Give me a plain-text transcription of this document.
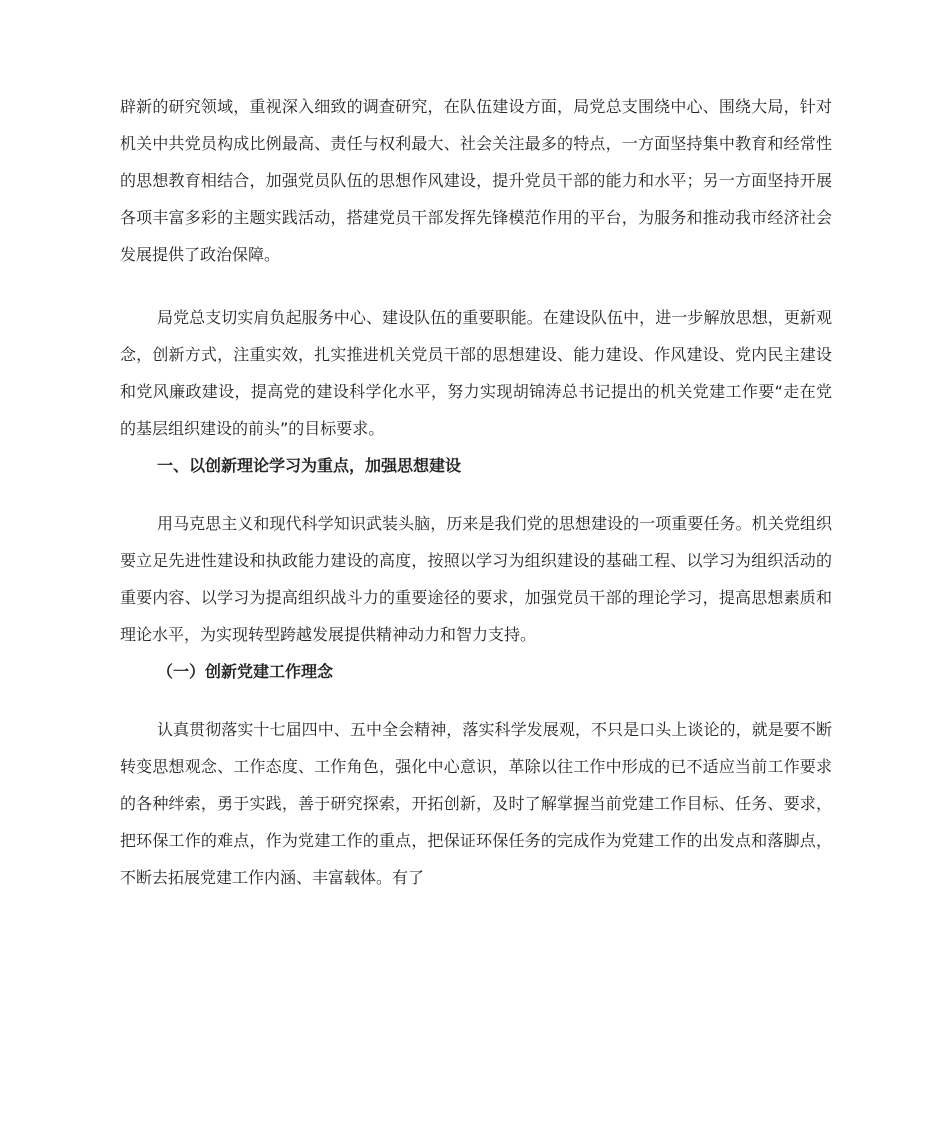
辟新的研究领域，重视深入细致的调查研究，在队伍建设方面，局党总支围绕中心、围绕大局，针对机关中共党员构成比例最高、责任与权利最大、社会关注最多的特点，一方面坚持集中教育和经常性的思想教育相结合，加强党员队伍的思想作风建设，提升党员干部的能力和水平；另一方面坚持开展各项丰富多彩的主题实践活动，搭建党员干部发挥先锋模范作用的平台，为服务和推动我市经济社会发展提供了政治保障。

局党总支切实肩负起服务中心、建设队伍的重要职能。在建设队伍中，进一步解放思想，更新观念，创新方式，注重实效，扎实推进机关党员干部的思想建设、能力建设、作风建设、党内民主建设和党风廉政建设，提高党的建设科学化水平，努力实现胡锦涛总书记提出的机关党建工作要“走在党的基层组织建设的前头”的目标要求。

一、以创新理论学习为重点，加强思想建设

用马克思主义和现代科学知识武装头脑，历来是我们党的思想建设的一项重要任务。机关党组织要立足先进性建设和执政能力建设的高度，按照以学习为组织建设的基础工程、以学习为组织活动的重要内容、以学习为提高组织战斗力的重要途径的要求，加强党员干部的理论学习，提高思想素质和理论水平，为实现转型跨越发展提供精神动力和智力支持。

（一）创新党建工作理念

认真贯彻落实十七届四中、五中全会精神，落实科学发展观，不只是口头上谈论的，就是要不断转变思想观念、工作态度、工作角色，强化中心意识，革除以往工作中形成的已不适应当前工作要求的各种绊索，勇于实践，善于研究探索，开拓创新，及时了解掌握当前党建工作目标、任务、要求，把环保工作的难点，作为党建工作的重点，把保证环保任务的完成作为党建工作的出发点和落脚点，不断去拓展党建工作内涵、丰富载体。有了
